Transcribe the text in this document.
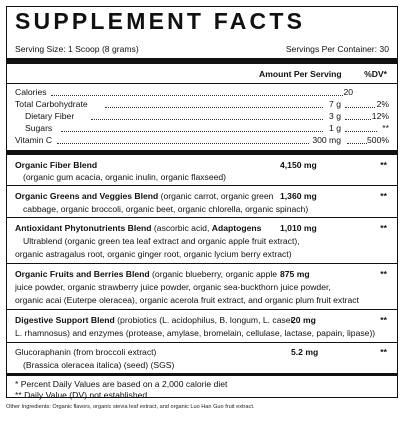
SUPPLEMENT FACTS
Serving Size: 1 Scoop (8 grams)	Servings Per Container: 30
Amount Per Serving	%DV*
Calories	20
Total Carbohydrate	7 g	2%
Dietary Fiber	3 g	12%
Sugars	1 g	**
Vitamin C	300 mg	500%
Organic Fiber Blend	4,150 mg	**
(organic gum acacia, organic inulin, organic flaxseed)
Organic Greens and Veggies Blend (organic carrot, organic green 1,360 mg	**
cabbage, organic broccoli, organic beet, organic chlorella, organic spinach)
Antioxidant Phytonutrients Blend (ascorbic acid, Adaptogens 1,010 mg	**
Ultrablend (organic green tea leaf extract and organic apple fruit extract),
organic astragalus root, organic ginger root, organic lycium berry extract)
Organic Fruits and Berries Blend (organic blueberry, organic apple 875 mg	**
juice powder, organic strawberry juice powder, organic sea-buckthorn juice powder,
organic acai (Euterpe oleracea), organic acerola fruit extract, and organic plum fruit extract
Digestive Support Blend (probiotics (L. acidophilus, B. longum, L. casei,
20 mg	**
L. rhamnosus) and enzymes (protease, amylase, bromelain, cellulase, lactase, papain, lipase))
Glucoraphanin (from broccoli extract)	5.2 mg	**
(Brassica oleracea italica) (seed) (SGS)
* Percent Daily Values are based on a 2,000 calorie diet
** Daily Value (DV) not established
Other Ingredients: Organic flavors, organic stevia leaf extract, and organic Luo Han Guo fruit extract.
